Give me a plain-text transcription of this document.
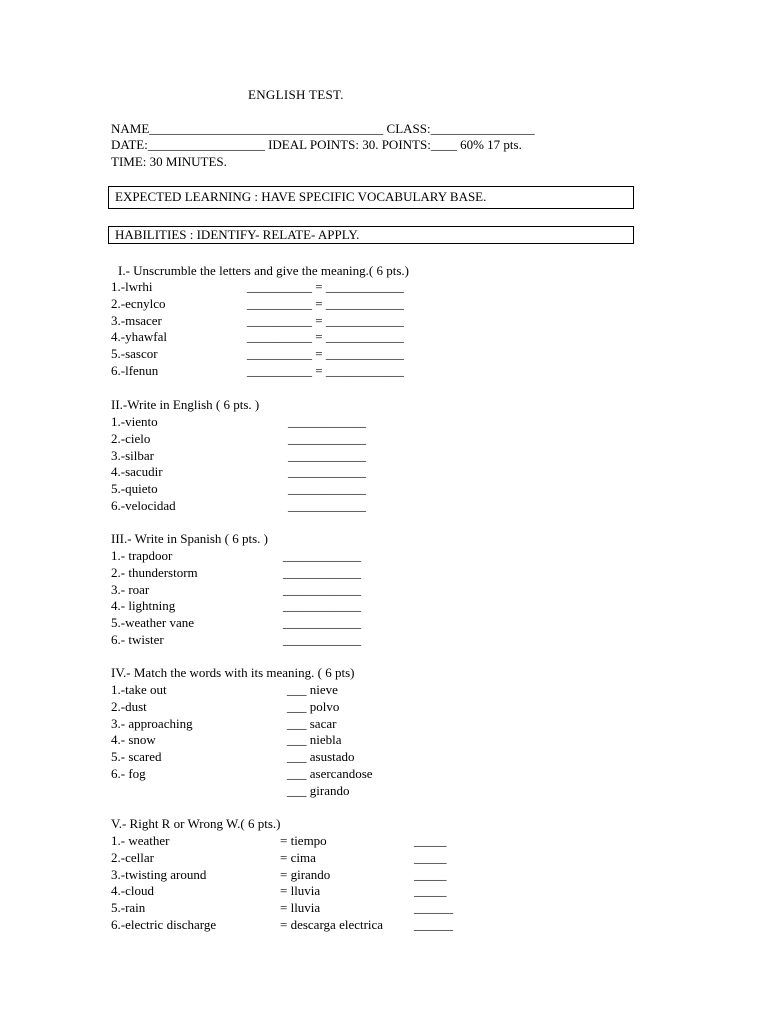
ENGLISH TEST.
NAME____________________________________ CLASS:________________
DATE:__________________ IDEAL POINTS: 30. POINTS:____ 60% 17 pts.
TIME: 30 MINUTES.
EXPECTED LEARNING : HAVE SPECIFIC VOCABULARY BASE.
HABILITIES : IDENTIFY- RELATE- APPLY.
I.- Unscrumble the letters and give the meaning.( 6 pts.)
1.-lwrhi	__________ = ____________
2.-ecnylco	__________ = ____________
3.-msacer	__________ = ____________
4.-yhawfal	__________ = ____________
5.-sascor	__________ = ____________
6.-lfenun	__________ = ____________
II.-Write in English ( 6 pts. )
1.-viento	____________
2.-cielo	____________
3.-silbar	____________
4.-sacudir	____________
5.-quieto	____________
6.-velocidad	____________
III.- Write in Spanish ( 6 pts. )
1.- trapdoor	____________
2.- thunderstorm	____________
3.- roar	____________
4.- lightning	____________
5.-weather vane	____________
6.- twister	____________
IV.- Match the words with its meaning. ( 6 pts)
1.-take out	___ nieve
2.-dust	___ polvo
3.- approaching	___ sacar
4.- snow	___ niebla
5.- scared	___ asustado
6.- fog	___ asercandose
___ girando
V.- Right R or Wrong W.( 6 pts.)
1.- weather	= tiempo	_____
2.-cellar	= cima	_____
3.-twisting around	= girando	_____
4.-cloud	= lluvia	_____
5.-rain	= lluvia	______
6.-electric discharge	= descarga electrica ______
